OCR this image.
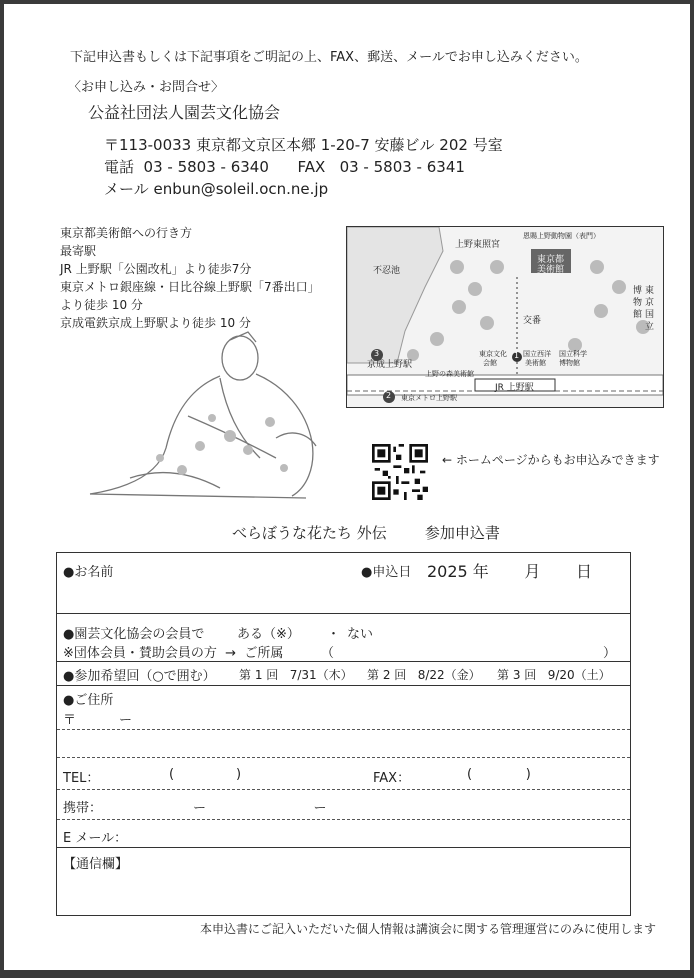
下記申込書もしくは下記事項をご明記の上、FAX、郵送、メールでお申し込みください。
〈お申し込み・お問合せ〉
公益社団法人園芸文化協会
〒113-0033 東京都文京区本郷 1-20-7 安藤ビル 202 号室
電話  03 - 5803 - 6340      FAX   03 - 5803 - 6341
メール enbun@soleil.ocn.ne.jp
東京都美術館への行き方
最寄駅
JR 上野駅「公園改札」より徒歩7分
東京メトロ銀座線・日比谷線上野駅「7番出口」
より徒歩 10 分
京成電鉄京成上野駅より徒歩 10 分
上野東照宮
恩賜上野動物園（表門）
東京都
美術館
不忍池
交番
博 東
物 京
館 国
立
京成上野駅
上野の森美術館
東京文化
会館
国立西洋
美術館
国立科学
博物館
JR 上野駅
東京メトロ上野駅
3
2
1
← ホームページからもお申込みできます
べらぼうな花たち 外伝        参加申込書
●お名前	●申込日 2025 年       月       日
●園芸文化協会の会員で	ある（※） ・ ない
※団体会員・賛助会員の方  →  ご所属	（	）
●参加希望回（○で囲む） 第 1 回   7/31（木） 第 2 回   8/22（金） 第 3 回   9/20（土）
●ご住所
〒	ー
TEL：	(               )	FAX：	(             )
携帯：	ー                          ー
E メール：
【通信欄】
本申込書にご記入いただいた個人情報は講演会に関する管理運営にのみに使用します
